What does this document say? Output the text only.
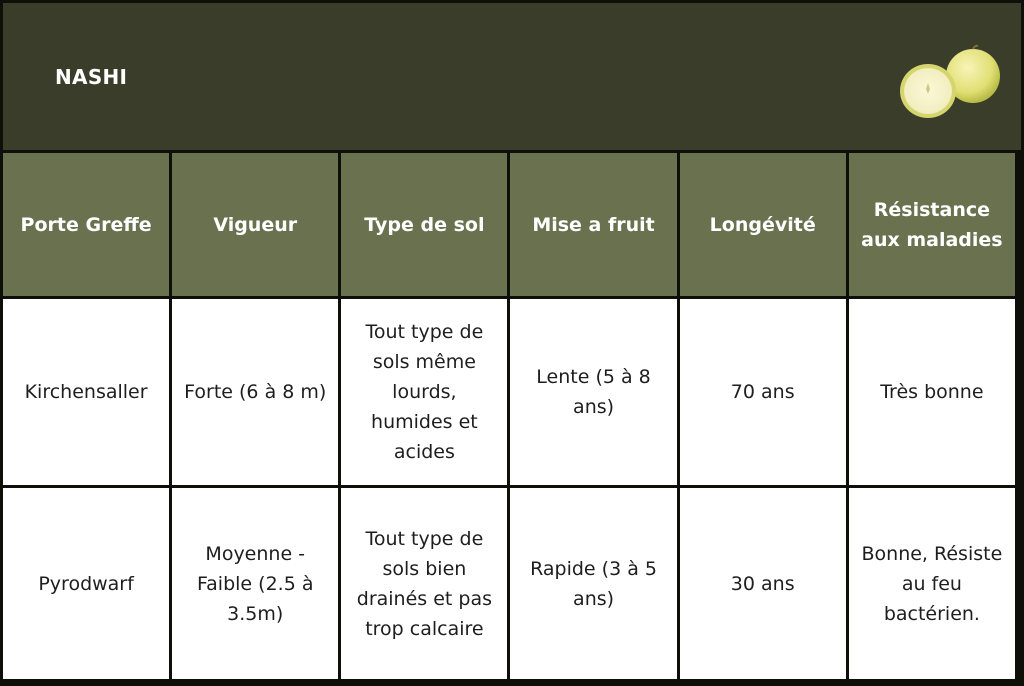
NASHI
Porte Greffe	Vigueur	Type de sol	Mise a fruit	Longévité	Résistance aux maladies
Kirchensaller	Forte (6 à 8 m)	Tout type de sols même lourds, humides et acides	Lente (5 à 8 ans)	70 ans	Très bonne
Pyrodwarf	Moyenne - Faible (2.5 à 3.5m)	Tout type de sols bien drainés et pas trop calcaire	Rapide (3 à 5 ans)	30 ans	Bonne, Résiste au feu bactérien.
